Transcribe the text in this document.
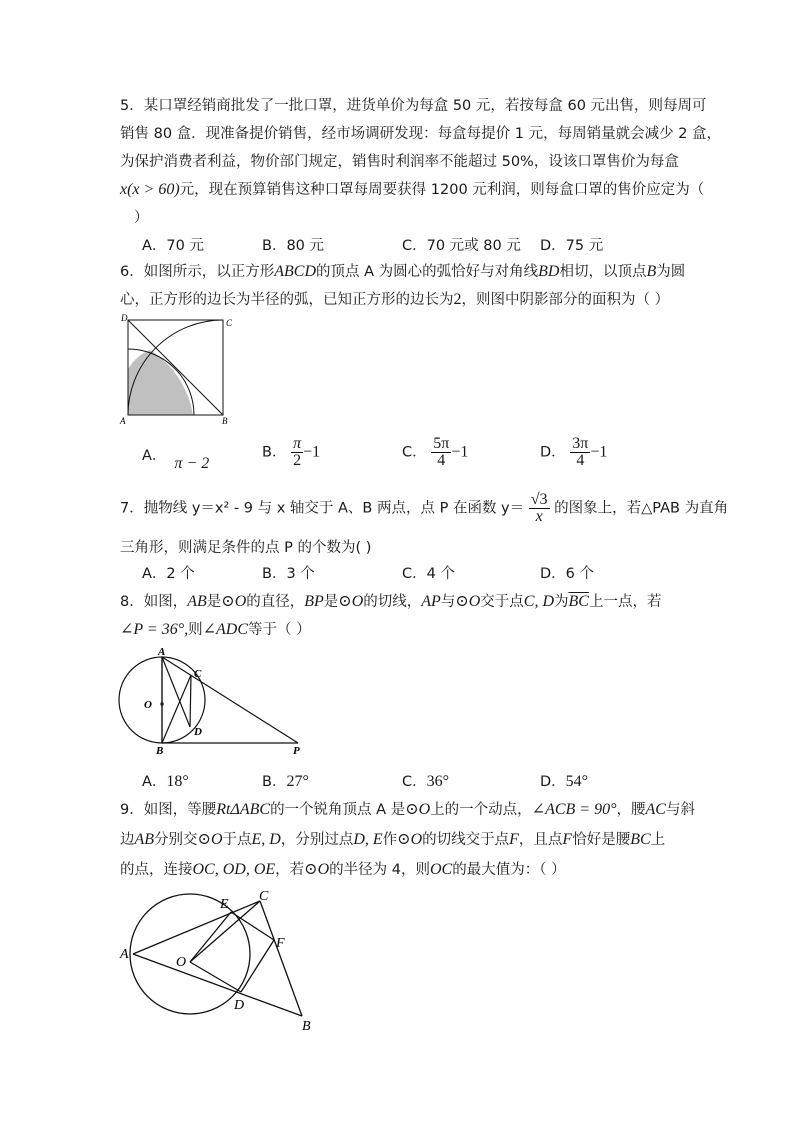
5．某口罩经销商批发了一批口罩，进货单价为每盒 50 元，若按每盒 60 元出售，则每周可
销售 80 盒．现准备提价销售，经市场调研发现：每盒每提价 1 元，每周销量就会减少 2 盒，
为保护消费者利益，物价部门规定，销售时利润率不能超过 50%，设该口罩售价为每盒
x(x > 60)元，现在预算销售这种口罩每周要获得 1200 元利润，则每盒口罩的售价应定为（
）
A．70 元	B．80 元	C．70 元或 80 元 D．75 元
6．如图所示，以正方形ABCD的顶点 A 为圆心的弧恰好与对角线BD相切，以顶点B为圆
心，正方形的边长为半径的弧，已知正方形的边长为2，则图中阴影部分的面积为（ ）
D	C
A	B
A． π − 2
B． $\frac{\pi}{2} -1$	C． $\frac{5\pi}{4} -1$	D． $\frac{3\pi}{4} -1$
7．抛物线 y＝x² - 9 与 x 轴交于 A、B 两点，点 P 在函数 $y= \frac{√3}{x}$ 的图象上，若△PAB 为直角
三角形，则满足条件的点 P 的个数为( )
A．2 个	B．3 个	C．4 个	D．6 个
8．如图，AB是⊙O的直径，BP是⊙O的切线，AP与⊙O交于点C, D为$\overline{BC}$上一点，若
∠P = 36°,则∠ADC等于（ ）
A
C
O
D
B	P
A．18°	B．27°	C．36°	D．54°
9．如图，等腰RtΔABC的一个锐角顶点 A 是⊙O上的一个动点，∠ACB = 90°，腰AC与斜
边AB分别交⊙O于点E, D，分别过点D, E作⊙O的切线交于点F，且点F恰好是腰BC上
的点，连接OC, OD, OE，若⊙O的半径为 4，则OC的最大值为：（ ）
E
C
F
A
O
D
B
